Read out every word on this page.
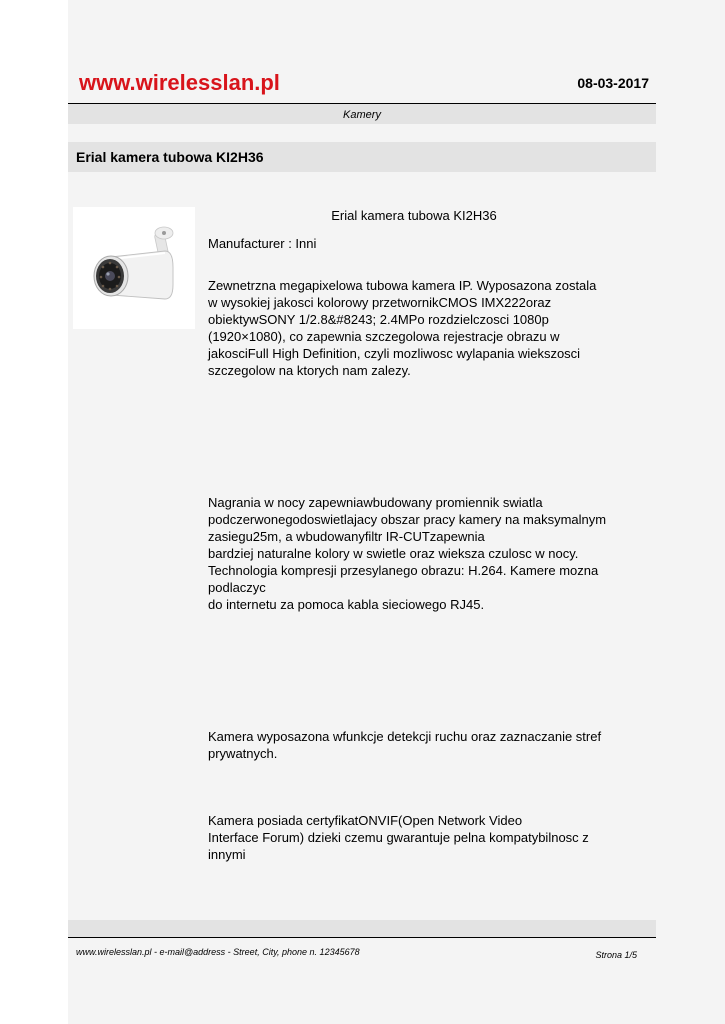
www.wirelesslan.pl	08-03-2017
Kamery
Erial kamera tubowa KI2H36

Erial kamera tubowa KI2H36

Manufacturer : Inni

Zewnetrzna megapixelowa tubowa kamera IP. Wyposazona zostala
w wysokiej jakosci kolorowy przetwornikCMOS IMX222oraz
obiektywSONY 1/2.8&#8243; 2.4MPo rozdzielczosci 1080p
(1920×1080), co zapewnia szczegolowa rejestracje obrazu w
jakosciFull High Definition, czyli mozliwosc wylapania wiekszosci
szczegolow na ktorych nam zalezy.

Nagrania w nocy zapewniawbudowany promiennik swiatla
podczerwonegodoswietlajacy obszar pracy kamery na maksymalnym
zasiegu25m, a wbudowanyfiltr IR-CUTzapewnia
bardziej naturalne kolory w swietle oraz wieksza czulosc w nocy.
Technologia kompresji przesylanego obrazu: H.264. Kamere mozna
podlaczyc
do internetu za pomoca kabla sieciowego RJ45.

Kamera wyposazona wfunkcje detekcji ruchu oraz zaznaczanie stref
prywatnych.

Kamera posiada certyfikatONVIF(Open Network Video
Interface Forum) dzieki czemu gwarantuje pelna kompatybilnosc z
innymi

www.wirelesslan.pl - e-mail@address - Street, City, phone n. 12345678	Strona 1/5
